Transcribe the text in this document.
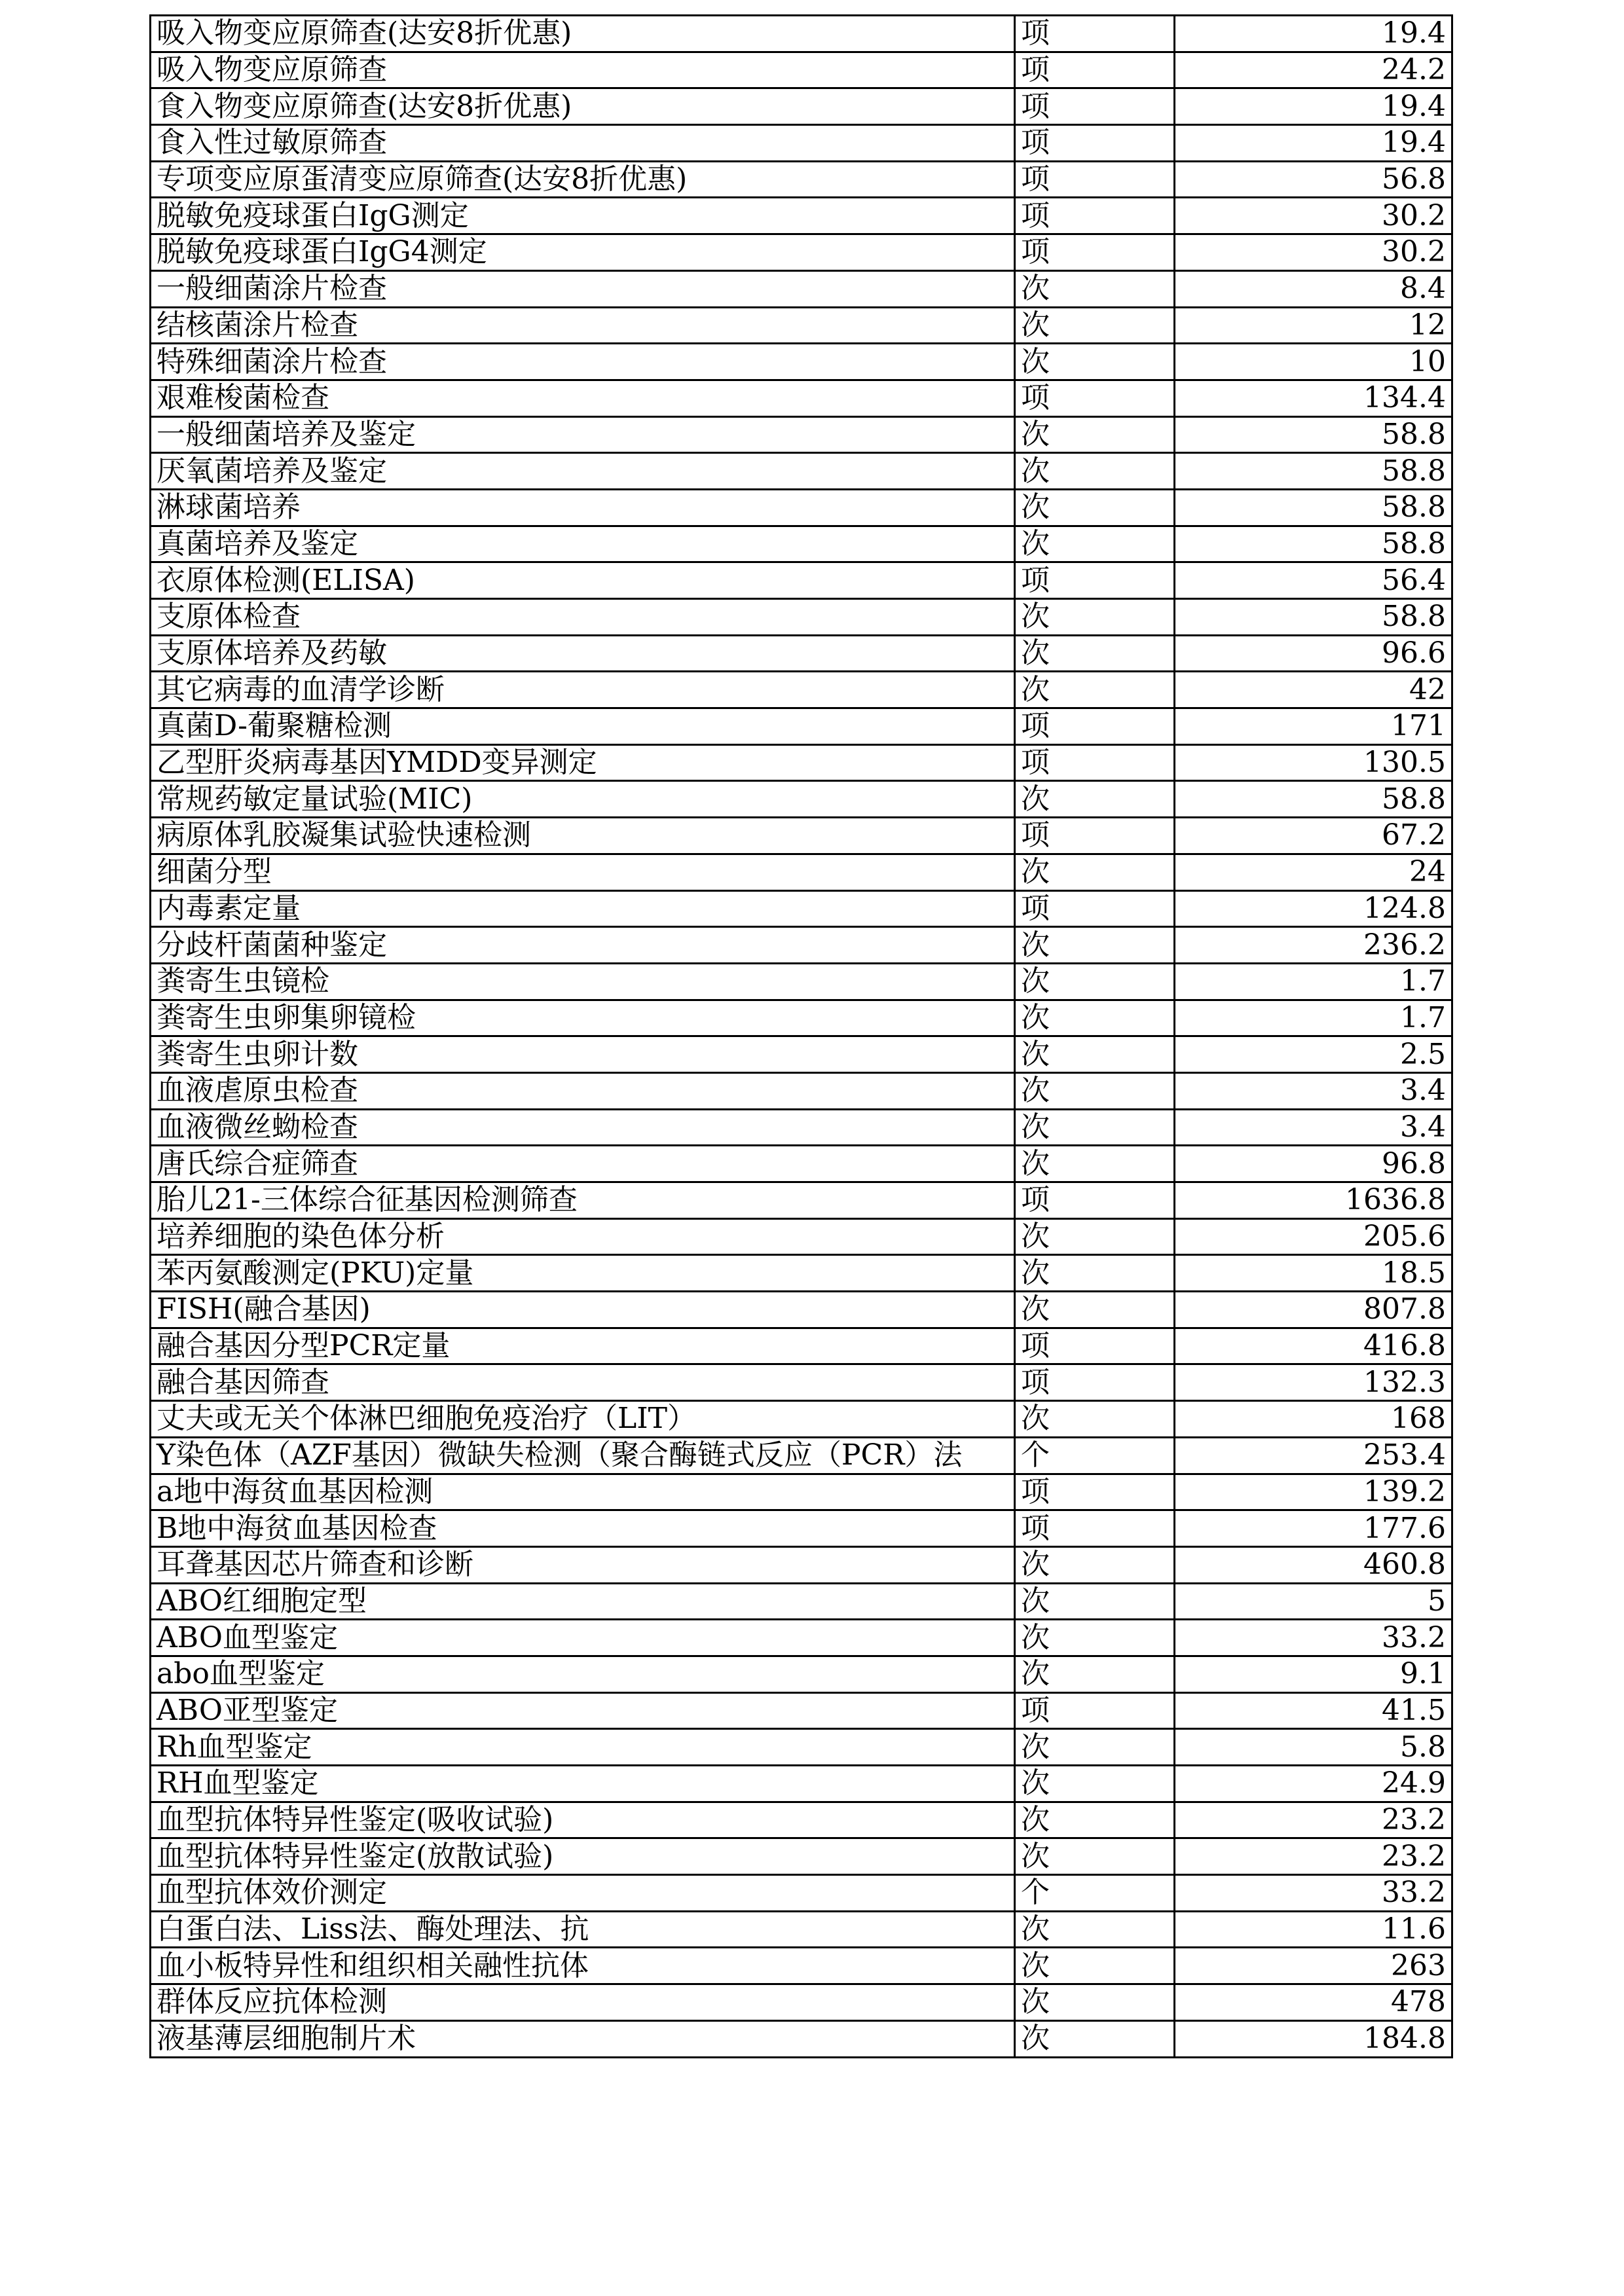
吸入物变应原筛查(达安8折优惠)	项	19.4
吸入物变应原筛查	项	24.2
食入物变应原筛查(达安8折优惠)	项	19.4
食入性过敏原筛查	项	19.4
专项变应原蛋清变应原筛查(达安8折优惠)	项	56.8
脱敏免疫球蛋白IgG测定	项	30.2
脱敏免疫球蛋白IgG4测定	项	30.2
一般细菌涂片检查	次	8.4
结核菌涂片检查	次	12
特殊细菌涂片检查	次	10
艰难梭菌检查	项	134.4
一般细菌培养及鉴定	次	58.8
厌氧菌培养及鉴定	次	58.8
淋球菌培养	次	58.8
真菌培养及鉴定	次	58.8
衣原体检测(ELISA)	项	56.4
支原体检查	次	58.8
支原体培养及药敏	次	96.6
其它病毒的血清学诊断	次	42
真菌D-葡聚糖检测	项	171
乙型肝炎病毒基因YMDD变异测定	项	130.5
常规药敏定量试验(MIC)	次	58.8
病原体乳胶凝集试验快速检测	项	67.2
细菌分型	次	24
内毒素定量	项	124.8
分歧杆菌菌种鉴定	次	236.2
粪寄生虫镜检	次	1.7
粪寄生虫卵集卵镜检	次	1.7
粪寄生虫卵计数	次	2.5
血液虐原虫检查	次	3.4
血液微丝蚴检查	次	3.4
唐氏综合症筛查	次	96.8
胎儿21-三体综合征基因检测筛查	项	1636.8
培养细胞的染色体分析	次	205.6
苯丙氨酸测定(PKU)定量	次	18.5
FISH(融合基因)	次	807.8
融合基因分型PCR定量	项	416.8
融合基因筛查	项	132.3
丈夫或无关个体淋巴细胞免疫治疗（LIT）	次	168
Y染色体（AZF基因）微缺失检测（聚合酶链式反应（PCR）法	个	253.4
a地中海贫血基因检测	项	139.2
B地中海贫血基因检查	项	177.6
耳聋基因芯片筛查和诊断	次	460.8
ABO红细胞定型	次	5
ABO血型鉴定	次	33.2
abo血型鉴定	次	9.1
ABO亚型鉴定	项	41.5
Rh血型鉴定	次	5.8
RH血型鉴定	次	24.9
血型抗体特异性鉴定(吸收试验)	次	23.2
血型抗体特异性鉴定(放散试验)	次	23.2
血型抗体效价测定	个	33.2
白蛋白法、Liss法、酶处理法、抗	次	11.6
血小板特异性和组织相关融性抗体	次	263
群体反应抗体检测	次	478
液基薄层细胞制片术	次	184.8
